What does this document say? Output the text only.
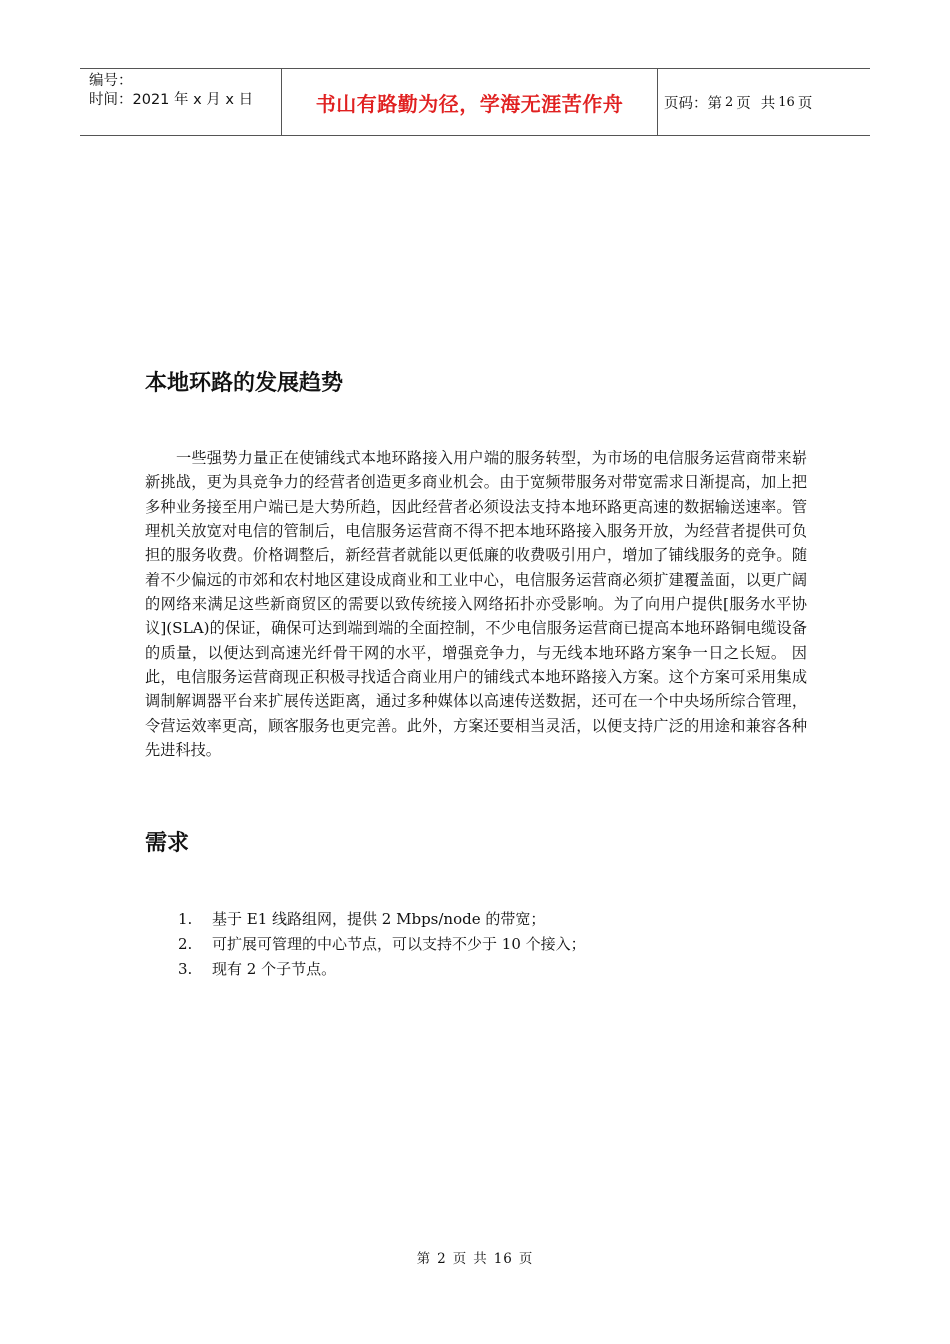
编号：
时间：2021 年 x 月 x 日	书山有路勤为径，学海无涯苦作舟	页码：第 2 页 共 16 页
本地环路的发展趋势

一些强势力量正在使铺线式本地环路接入用户端的服务转型，为市场的电信服务运营商带来崭新挑战，更为具竞争力的经营者创造更多商业机会。由于宽频带服务对带宽需求日渐提高，加上把多种业务接至用户端已是大势所趋，因此经营者必须设法支持本地环路更高速的数据输送速率。管理机关放宽对电信的管制后，电信服务运营商不得不把本地环路接入服务开放，为经营者提供可负担的服务收费。价格调整后，新经营者就能以更低廉的收费吸引用户，增加了铺线服务的竞争。随着不少偏远的市郊和农村地区建设成商业和工业中心，电信服务运营商必须扩建覆盖面，以更广阔的网络来满足这些新商贸区的需要以致传统接入网络拓扑亦受影响。为了向用户提供[服务水平协议](SLA)的保证，确保可达到端到端的全面控制，不少电信服务运营商已提高本地环路铜电缆设备的质量，以便达到高速光纤骨干网的水平，增强竞争力，与无线本地环路方案争一日之长短。 因此，电信服务运营商现正积极寻找适合商业用户的铺线式本地环路接入方案。这个方案可采用集成调制解调器平台来扩展传送距离，通过多种媒体以高速传送数据，还可在一个中央场所综合管理，令营运效率更高，顾客服务也更完善。此外，方案还要相当灵活，以便支持广泛的用途和兼容各种先进科技。

需求
1.	基于 E1 线路组网，提供 2 Mbps/node 的带宽；
2.	可扩展可管理的中心节点，可以支持不少于 10 个接入；
3.	现有 2 个子节点。
第 2 页 共 16 页
